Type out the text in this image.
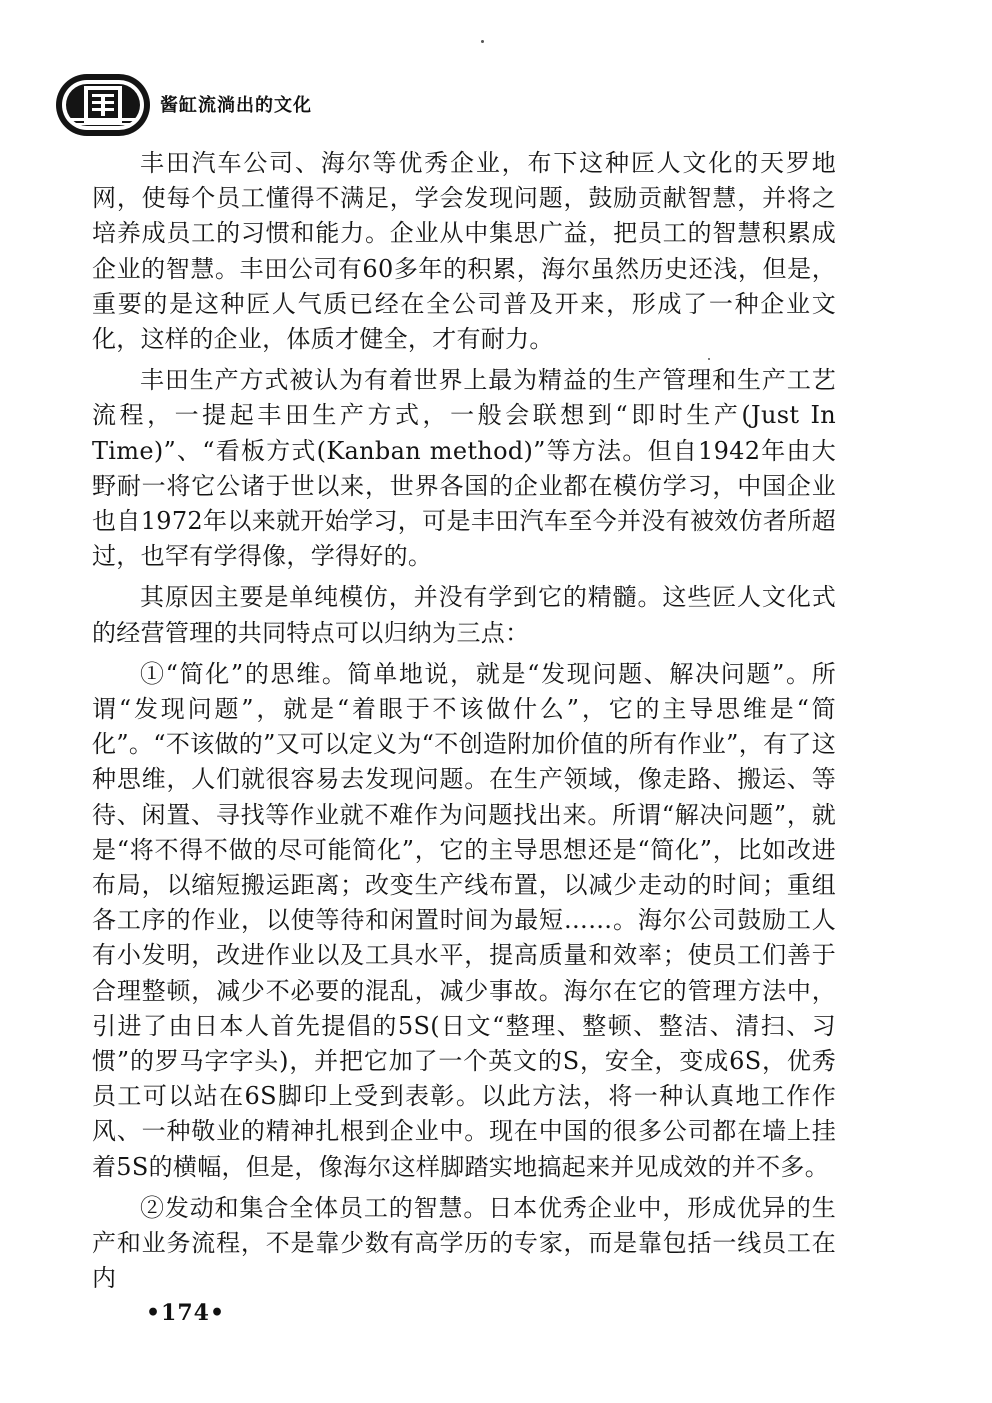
酱缸流淌出的文化

丰田汽车公司、海尔等优秀企业，布下这种匠人文化的天罗地网，使每个员工懂得不满足，学会发现问题，鼓励贡献智慧，并将之培养成员工的习惯和能力。企业从中集思广益，把员工的智慧积累成企业的智慧。丰田公司有60多年的积累，海尔虽然历史还浅，但是，重要的是这种匠人气质已经在全公司普及开来，形成了一种企业文化，这样的企业，体质才健全，才有耐力。

丰田生产方式被认为有着世界上最为精益的生产管理和生产工艺流程，一提起丰田生产方式，一般会联想到“即时生产(Just In Time)”、“看板方式(Kanban method)”等方法。但自1942年由大野耐一将它公诸于世以来，世界各国的企业都在模仿学习，中国企业也自1972年以来就开始学习，可是丰田汽车至今并没有被效仿者所超过，也罕有学得像，学得好的。

其原因主要是单纯模仿，并没有学到它的精髓。这些匠人文化式的经营管理的共同特点可以归纳为三点：

①“简化”的思维。简单地说，就是“发现问题、解决问题”。所谓“发现问题”，就是“着眼于不该做什么”，它的主导思维是“简化”。“不该做的”又可以定义为“不创造附加价值的所有作业”，有了这种思维，人们就很容易去发现问题。在生产领域，像走路、搬运、等待、闲置、寻找等作业就不难作为问题找出来。所谓“解决问题”，就是“将不得不做的尽可能简化”，它的主导思想还是“简化”，比如改进布局，以缩短搬运距离；改变生产线布置，以减少走动的时间；重组各工序的作业，以使等待和闲置时间为最短……。海尔公司鼓励工人有小发明，改进作业以及工具水平，提高质量和效率；使员工们善于合理整顿，减少不必要的混乱，减少事故。海尔在它的管理方法中，引进了由日本人首先提倡的5S(日文“整理、整顿、整洁、清扫、习惯”的罗马字字头)，并把它加了一个英文的S，安全，变成6S，优秀员工可以站在6S脚印上受到表彰。以此方法，将一种认真地工作作风、一种敬业的精神扎根到企业中。现在中国的很多公司都在墙上挂着5S的横幅，但是，像海尔这样脚踏实地搞起来并见成效的并不多。

②发动和集合全体员工的智慧。日本优秀企业中，形成优异的生产和业务流程，不是靠少数有高学历的专家，而是靠包括一线员工在内

•174•
